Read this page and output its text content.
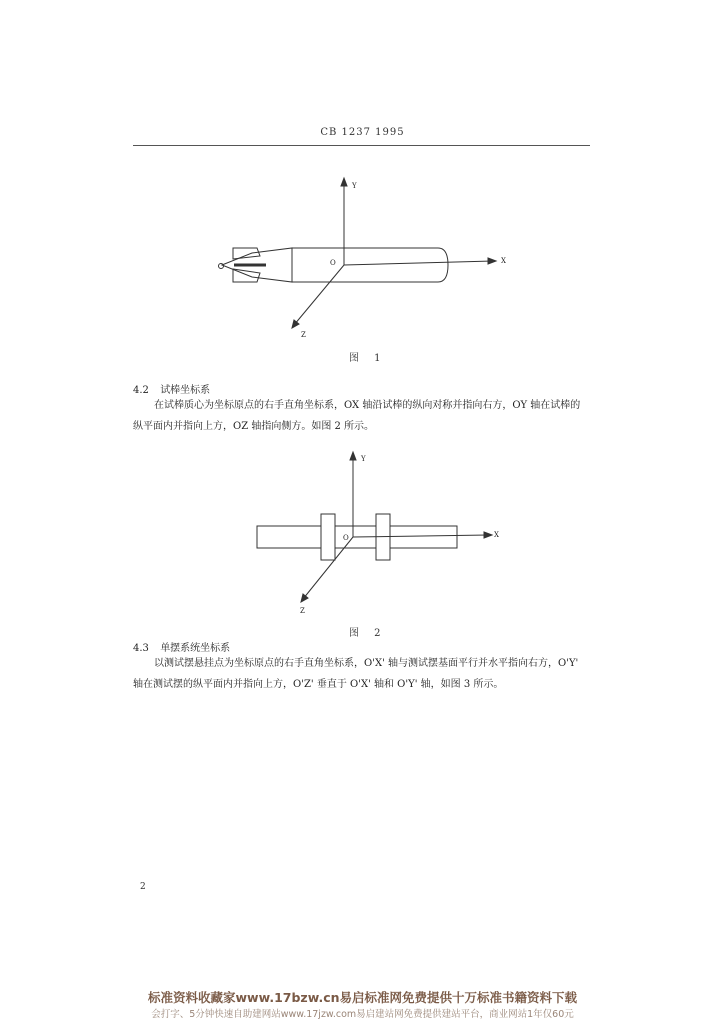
CB 1237 1995
Y
X
Z
O
图 1
4.2 试棒坐标系
在试棒质心为坐标原点的右手直角坐标系，OX 轴沿试棒的纵向对称并指向右方，OY 轴在试棒的
纵平面内并指向上方，OZ 轴指向侧方。如图 2 所示。
Y
X
Z
O
图 2
4.3 单摆系统坐标系
以测试摆悬挂点为坐标原点的右手直角坐标系，O'X' 轴与测试摆基面平行并水平指向右方，O'Y'
轴在测试摆的纵平面内并指向上方，O'Z' 垂直于 O'X' 轴和 O'Y' 轴，如图 3 所示。
2
标准资料收藏家www.17bzw.cn易启标准网免费提供十万标准书籍资料下载
会打字、5分钟快速自助建网站www.17jzw.com易启建站网免费提供建站平台，商业网站1年仅60元
